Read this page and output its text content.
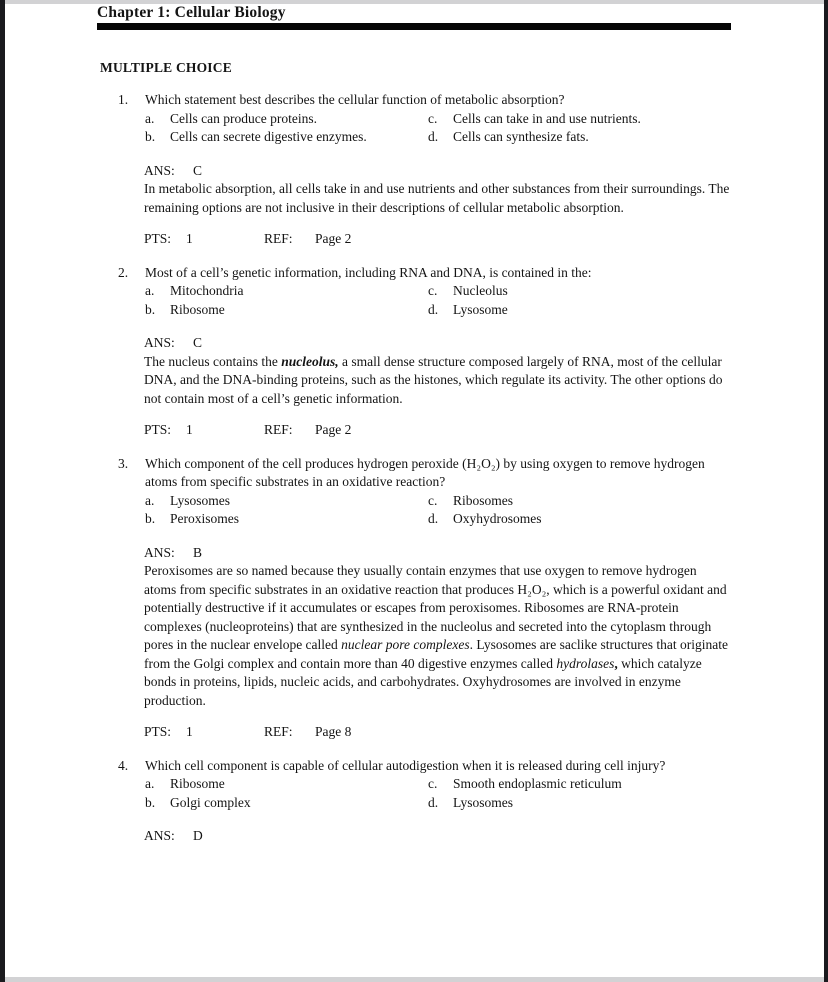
Chapter 1: Cellular Biology
MULTIPLE CHOICE
1.	Which statement best describes the cellular function of metabolic absorption?
a.	Cells can produce proteins.	c.	Cells can take in and use nutrients.
b.	Cells can secrete digestive enzymes.	d.	Cells can synthesize fats.
ANS: C
In metabolic absorption, all cells take in and use nutrients and other substances from their surroundings. The remaining options are not inclusive in their descriptions of cellular metabolic absorption.
PTS: 1	REF: Page 2
2.	Most of a cell’s genetic information, including RNA and DNA, is contained in the:
a.	Mitochondria	c.	Nucleolus
b.	Ribosome	d.	Lysosome
ANS: C
The nucleus contains the nucleolus, a small dense structure composed largely of RNA, most of the cellular DNA, and the DNA-binding proteins, such as the histones, which regulate its activity. The other options do not contain most of a cell’s genetic information.
PTS: 1	REF: Page 2
3.	Which component of the cell produces hydrogen peroxide (H₂O₂) by using oxygen to remove hydrogen atoms from specific substrates in an oxidative reaction?
a.	Lysosomes	c.	Ribosomes
b.	Peroxisomes	d.	Oxyhydrosomes
ANS: B
Peroxisomes are so named because they usually contain enzymes that use oxygen to remove hydrogen atoms from specific substrates in an oxidative reaction that produces H₂O₂, which is a powerful oxidant and potentially destructive if it accumulates or escapes from peroxisomes. Ribosomes are RNA-protein complexes (nucleoproteins) that are synthesized in the nucleolus and secreted into the cytoplasm through pores in the nuclear envelope called nuclear pore complexes. Lysosomes are saclike structures that originate from the Golgi complex and contain more than 40 digestive enzymes called hydrolases, which catalyze bonds in proteins, lipids, nucleic acids, and carbohydrates. Oxyhydrosomes are involved in enzyme production.
PTS: 1	REF: Page 8
4.	Which cell component is capable of cellular autodigestion when it is released during cell injury?
a.	Ribosome	c.	Smooth endoplasmic reticulum
b.	Golgi complex	d.	Lysosomes
ANS: D
